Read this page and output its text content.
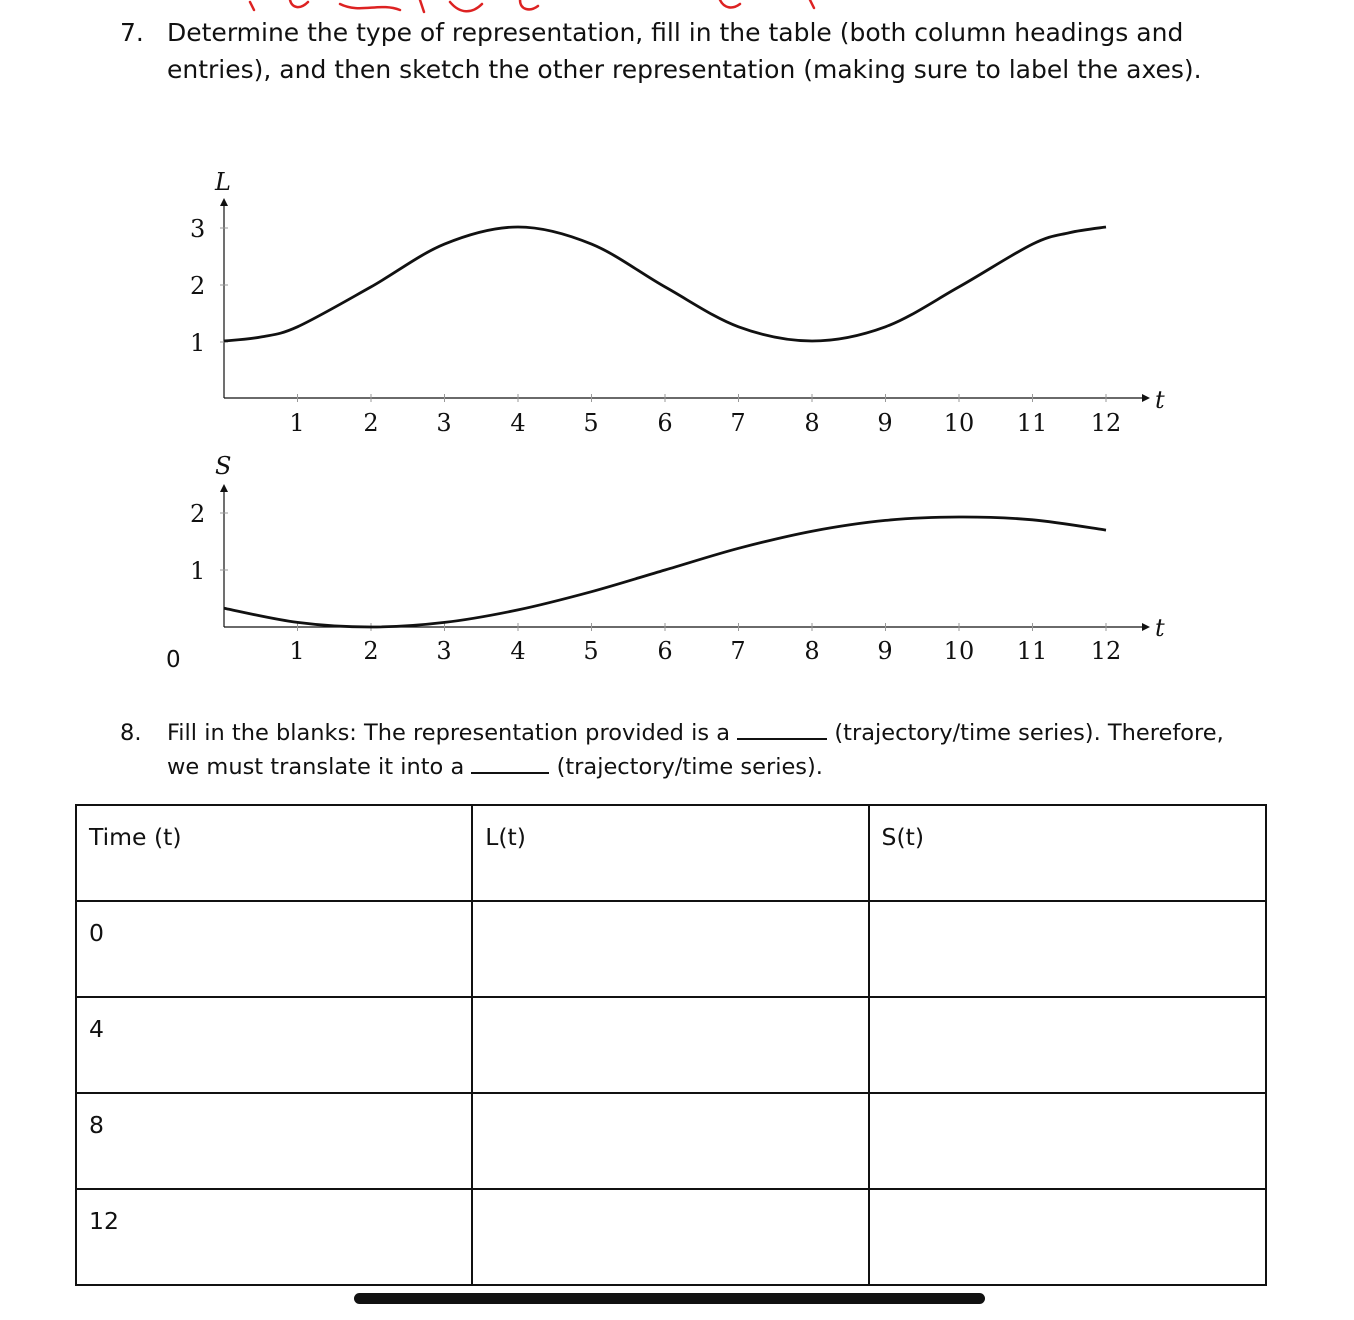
7. Determine the type of representation, fill in the table (both column headings and entries), and then sketch the other representation (making sure to label the axes).
L
t
3
2
1
1 2 3 4 5 6 7 8 9 10 11 12
S
t
2
1
1 2 3 4 5 6 7 8 9 10 11 12
0
8. Fill in the blanks: The representation provided is a	(trajectory/time series). Therefore, we must translate it into a	(trajectory/time series).
Time (t)	L(t)	S(t)
0		
4		
8		
12		
